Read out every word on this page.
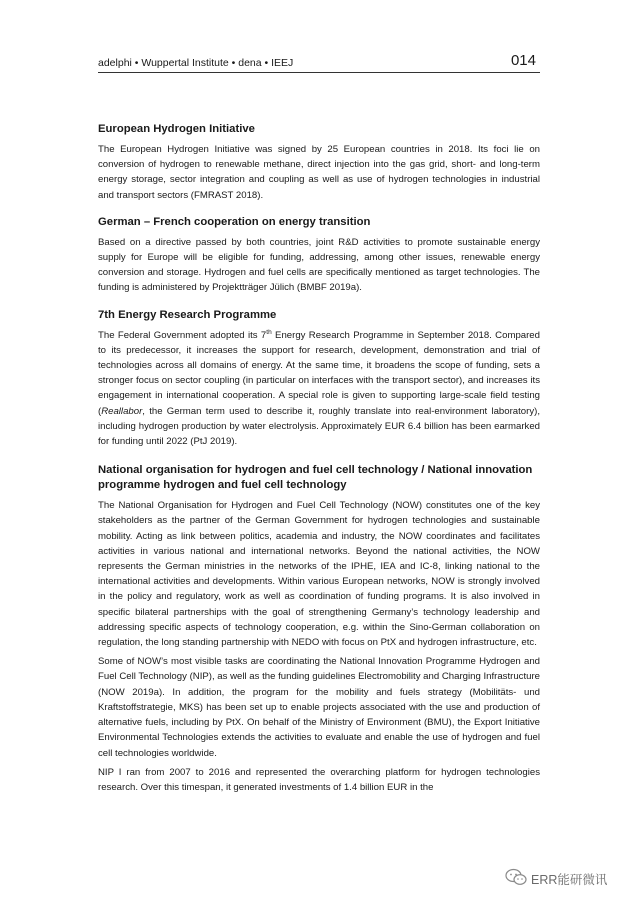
adelphi • Wuppertal Institute • dena • IEEJ	014
European Hydrogen Initiative

The European Hydrogen Initiative was signed by 25 European countries in 2018. Its foci lie on conversion of hydrogen to renewable methane, direct injection into the gas grid, short- and long-term energy storage, sector integration and coupling as well as use of hydrogen technologies in industrial and transport sectors (FMRAST 2018).

German – French cooperation on energy transition

Based on a directive passed by both countries, joint R&D activities to promote sustainable energy supply for Europe will be eligible for funding, addressing, among other issues, renewable energy conversion and storage. Hydrogen and fuel cells are specifically mentioned as target technologies. The funding is administered by Projektträger Jülich (BMBF 2019a).

7th Energy Research Programme

The Federal Government adopted its 7th Energy Research Programme in September 2018. Compared to its predecessor, it increases the support for research, development, demonstration and trial of technologies across all domains of energy. At the same time, it broadens the scope of funding, sets a stronger focus on sector coupling (in particular on interfaces with the transport sector), and increases its engagement in international cooperation. A special role is given to supporting large-scale field testing (Reallabor, the German term used to describe it, roughly translate into real-environment laboratory), including hydrogen production by water electrolysis. Approximately EUR 6.4 billion has been earmarked for funding until 2022 (PtJ 2019).

National organisation for hydrogen and fuel cell technology / National innovation programme hydrogen and fuel cell technology

The National Organisation for Hydrogen and Fuel Cell Technology (NOW) constitutes one of the key stakeholders as the partner of the German Government for hydrogen technologies and sustainable mobility. Acting as link between politics, academia and industry, the NOW coordinates and facilitates activities in various national and international networks. Beyond the national activities, the NOW represents the German ministries in the networks of the IPHE, IEA and IC-8, linking national to the international activities and developments. Within various European networks, NOW is strongly involved in the policy and regulatory, work as well as coordination of funding programs. It is also involved in specific bilateral partnerships with the goal of strengthening Germany’s technology leadership and addressing specific aspects of technology cooperation, e.g. within the Sino-German collaboration on regulation, the long standing partnership with NEDO with focus on PtX and hydrogen infrastructure, etc.

Some of NOW’s most visible tasks are coordinating the National Innovation Programme Hydrogen and Fuel Cell Technology (NIP), as well as the funding guidelines Electromobility and Charging Infrastructure (NOW 2019a). In addition, the program for the mobility and fuels strategy (Mobilitäts- und Kraftstoffstrategie, MKS) has been set up to enable projects associated with the use and production of alternative fuels, including by PtX. On behalf of the Ministry of Environment (BMU), the Export Initiative Environmental Technologies extends the activities to evaluate and enable the use of hydrogen and fuel cell technologies worldwide.

NIP I ran from 2007 to 2016 and represented the overarching platform for hydrogen technologies research. Over this timespan, it generated investments of 1.4 billion EUR in the

ERR能研微讯
